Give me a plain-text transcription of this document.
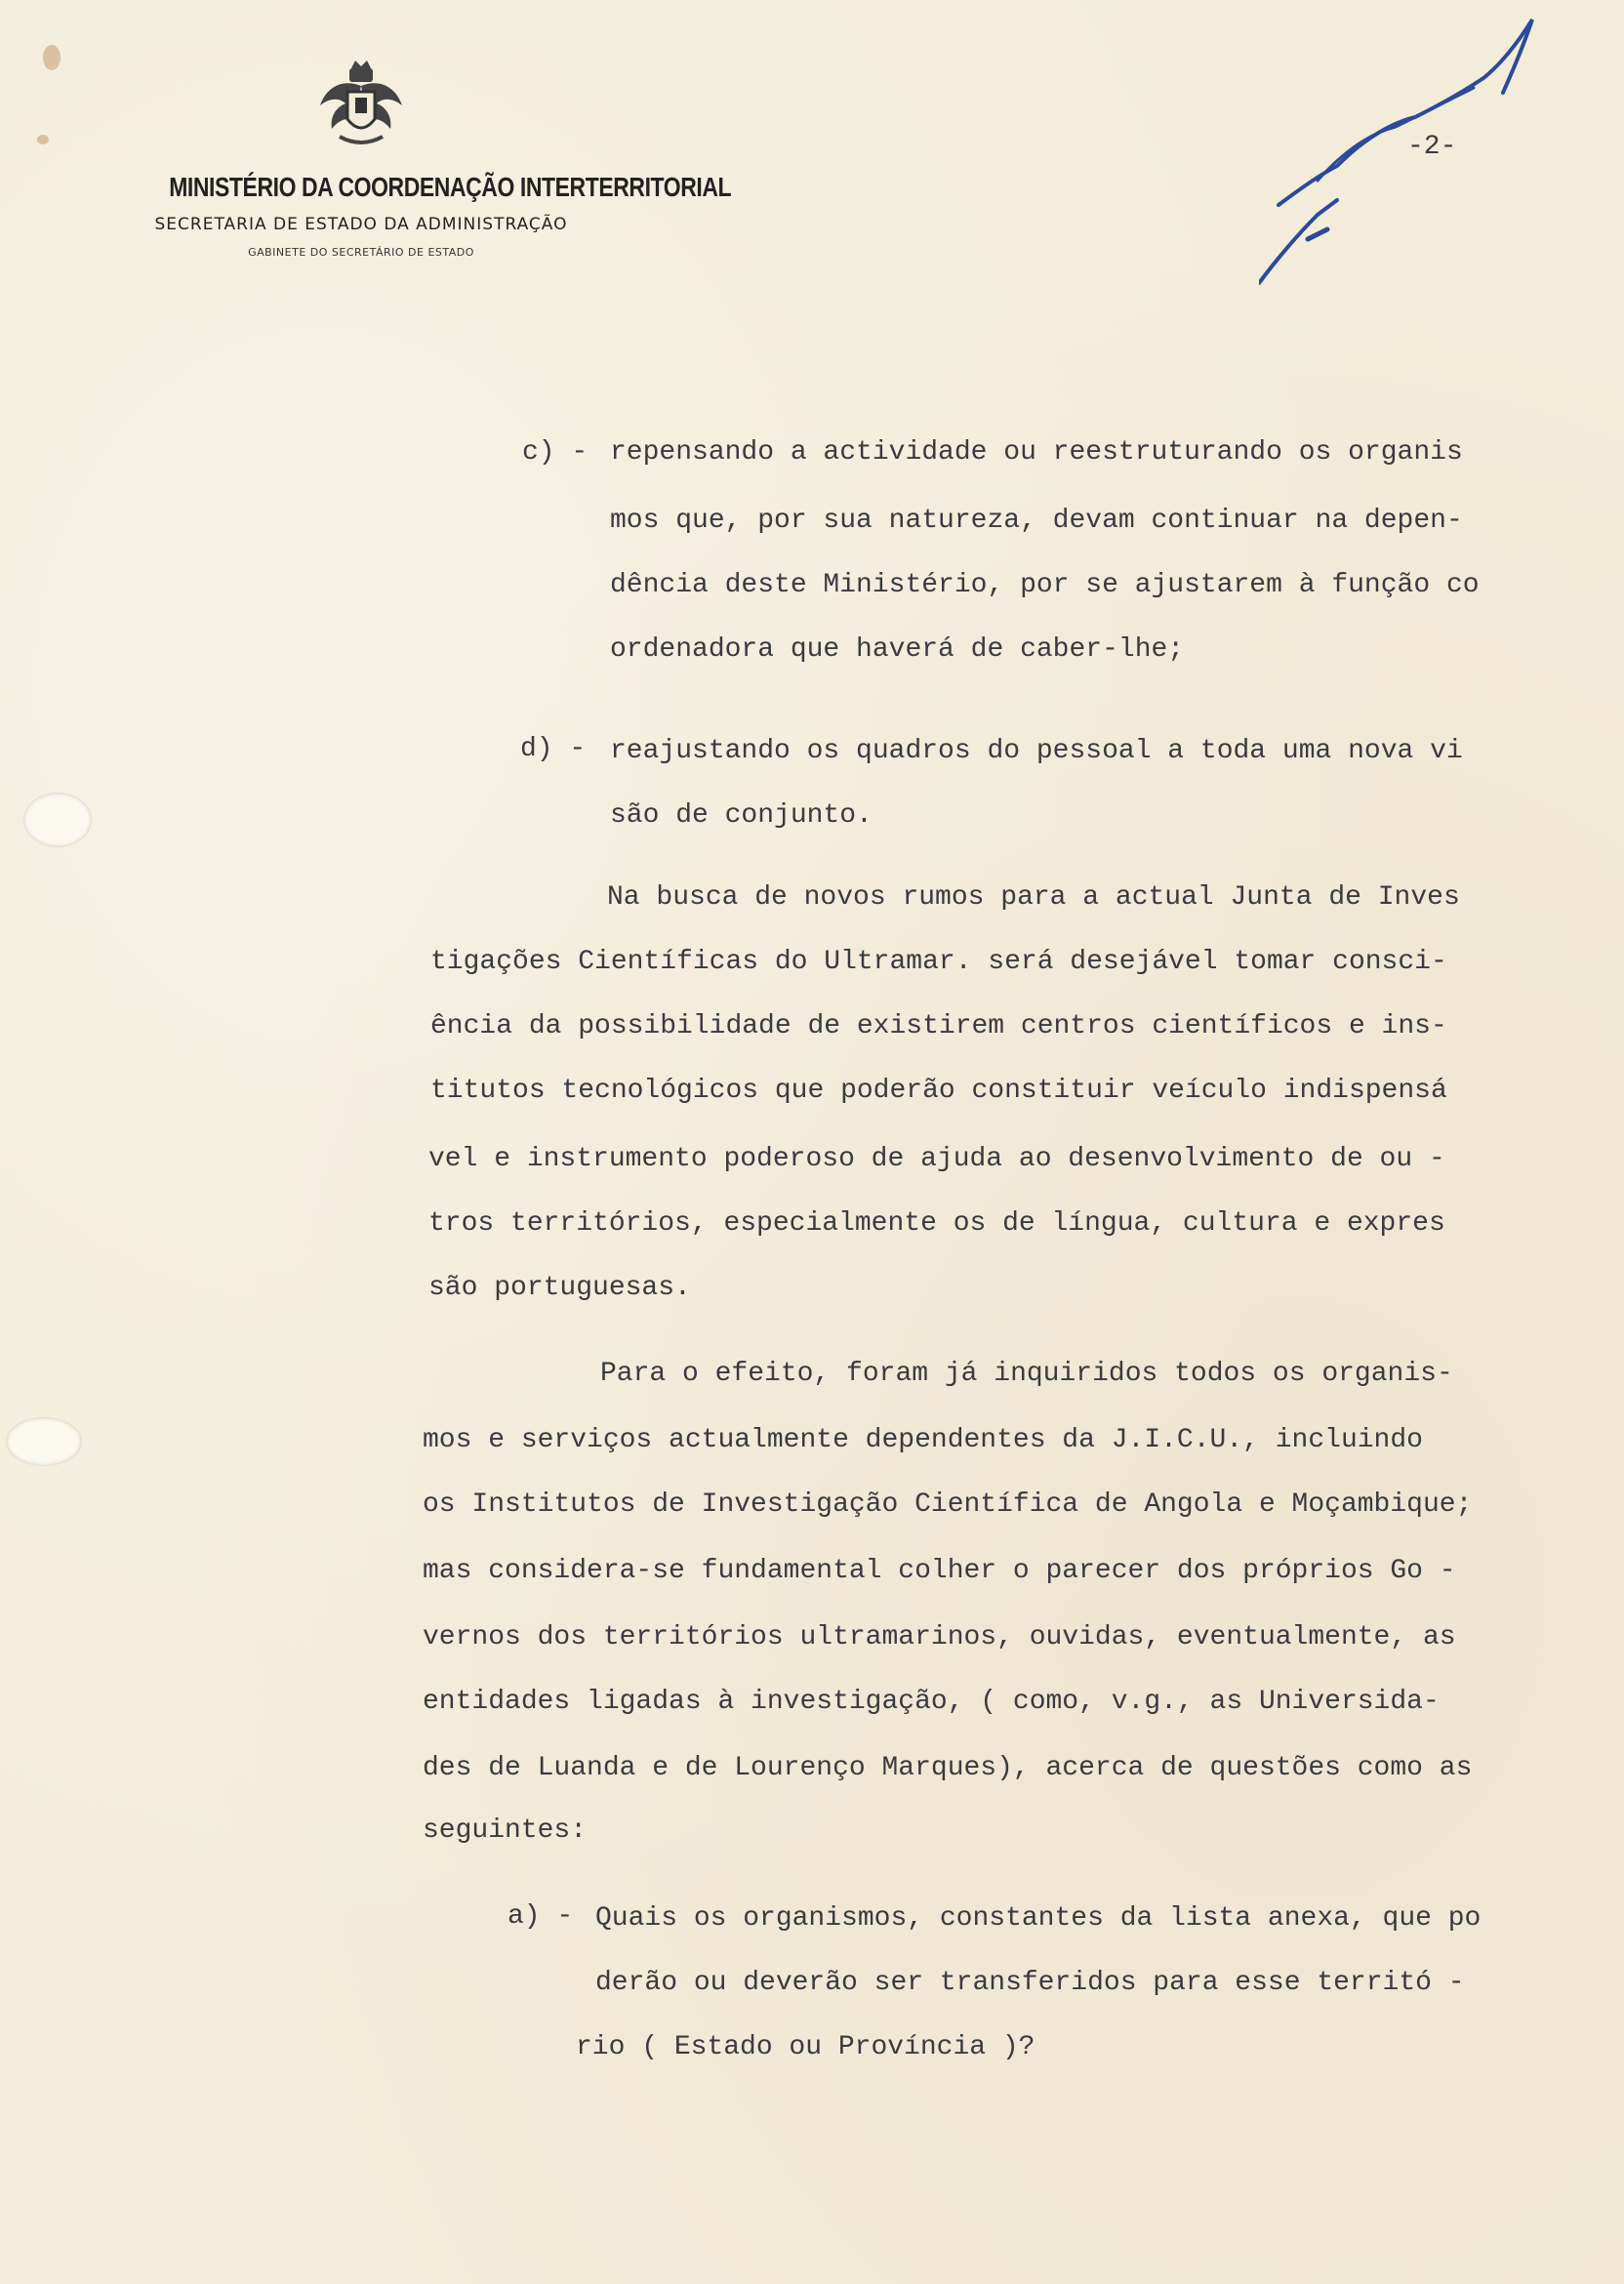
MINISTÉRIO DA COORDENAÇÃO INTERTERRITORIAL
SECRETARIA DE ESTADO DA ADMINISTRAÇÃO
GABINETE DO SECRETÁRIO DE ESTADO
-2-
c) - repensando a actividade ou reestruturando os organis
mos que, por sua natureza, devam continuar na depen-
dência deste Ministério, por se ajustarem à função co
ordenadora que haverá de caber-lhe;
d) - reajustando os quadros do pessoal a toda uma nova vi
são de conjunto.
Na busca de novos rumos para a actual Junta de Inves
tigações Científicas do Ultramar. será desejável tomar consci-
ência da possibilidade de existirem centros científicos e ins-
titutos tecnológicos que poderão constituir veículo indispensá
vel e instrumento poderoso de ajuda ao desenvolvimento de ou -
tros territórios, especialmente os de língua, cultura e expres
são portuguesas.
Para o efeito, foram já inquiridos todos os organis-
mos e serviços actualmente dependentes da J.I.C.U., incluindo
os Institutos de Investigação Científica de Angola e Moçambique;
mas considera-se fundamental colher o parecer dos próprios Go -
vernos dos territórios ultramarinos, ouvidas, eventualmente, as
entidades ligadas à investigação, ( como, v.g., as Universida-
des de Luanda e de Lourenço Marques), acerca de questões como as
seguintes:
a) - Quais os organismos, constantes da lista anexa, que po
derão ou deverão ser transferidos para esse territó -
rio ( Estado ou Província )?
